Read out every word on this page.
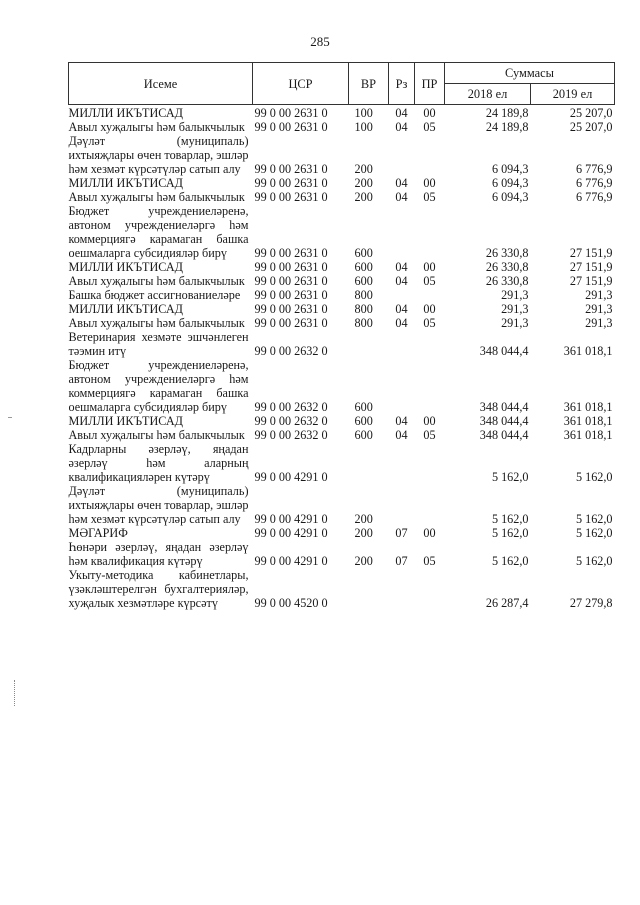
285
Исеме	ЦСР	ВР	Рз	ПР	Суммасы	
					2018 ел	2019 ел
МИЛЛИ ИКЪТИСАД	99 0 00 2631 0	100	04	00	24 189,8	25 207,0
Авыл хуҗалыгы һәм балыкчылык	99 0 00 2631 0	100	04	05	24 189,8	25 207,0
Дәүләт (муниципаль) ихтыяҗлары өчен товарлар, эшләр һәм хезмәт күрсәтүләр сатып алу	99 0 00 2631 0	200			6 094,3	6 776,9
МИЛЛИ ИКЪТИСАД	99 0 00 2631 0	200	04	00	6 094,3	6 776,9
Авыл хуҗалыгы һәм балыкчылык	99 0 00 2631 0	200	04	05	6 094,3	6 776,9
Бюджет учреждениеләренә, автоном учреждениеләргә һәм коммерциягә карамаган башка оешмаларга субсидияләр бирү	99 0 00 2631 0	600			26 330,8	27 151,9
МИЛЛИ ИКЪТИСАД	99 0 00 2631 0	600	04	00	26 330,8	27 151,9
Авыл хуҗалыгы һәм балыкчылык	99 0 00 2631 0	600	04	05	26 330,8	27 151,9
Башка бюджет ассигнованиеләре	99 0 00 2631 0	800			291,3	291,3
МИЛЛИ ИКЪТИСАД	99 0 00 2631 0	800	04	00	291,3	291,3
Авыл хуҗалыгы һәм балыкчылык	99 0 00 2631 0	800	04	05	291,3	291,3
Ветеринария хезмәте эшчәнлеген тәэмин итү	99 0 00 2632 0				348 044,4	361 018,1
Бюджет учреждениеләренә, автоном учреждениеләргә һәм коммерциягә карамаган башка оешмаларга субсидияләр бирү	99 0 00 2632 0	600			348 044,4	361 018,1
МИЛЛИ ИКЪТИСАД	99 0 00 2632 0	600	04	00	348 044,4	361 018,1
Авыл хуҗалыгы һәм балыкчылык	99 0 00 2632 0	600	04	05	348 044,4	361 018,1
Кадрларны әзерләү, яңадан әзерләү һәм аларның квалификацияләрен күтәрү	99 0 00 4291 0				5 162,0	5 162,0
Дәүләт (муниципаль) ихтыяҗлары өчен товарлар, эшләр һәм хезмәт күрсәтүләр сатып алу	99 0 00 4291 0	200			5 162,0	5 162,0
МӘГАРИФ	99 0 00 4291 0	200	07	00	5 162,0	5 162,0
Һөнәри әзерләү, яңадан әзерләү һәм квалификация күтәрү	99 0 00 4291 0	200	07	05	5 162,0	5 162,0
Укыту-методика кабинетлары, үзәкләштерелгән бухгалтерияләр, хуҗалык хезмәтләре күрсәтү	99 0 00 4520 0				26 287,4	27 279,8
